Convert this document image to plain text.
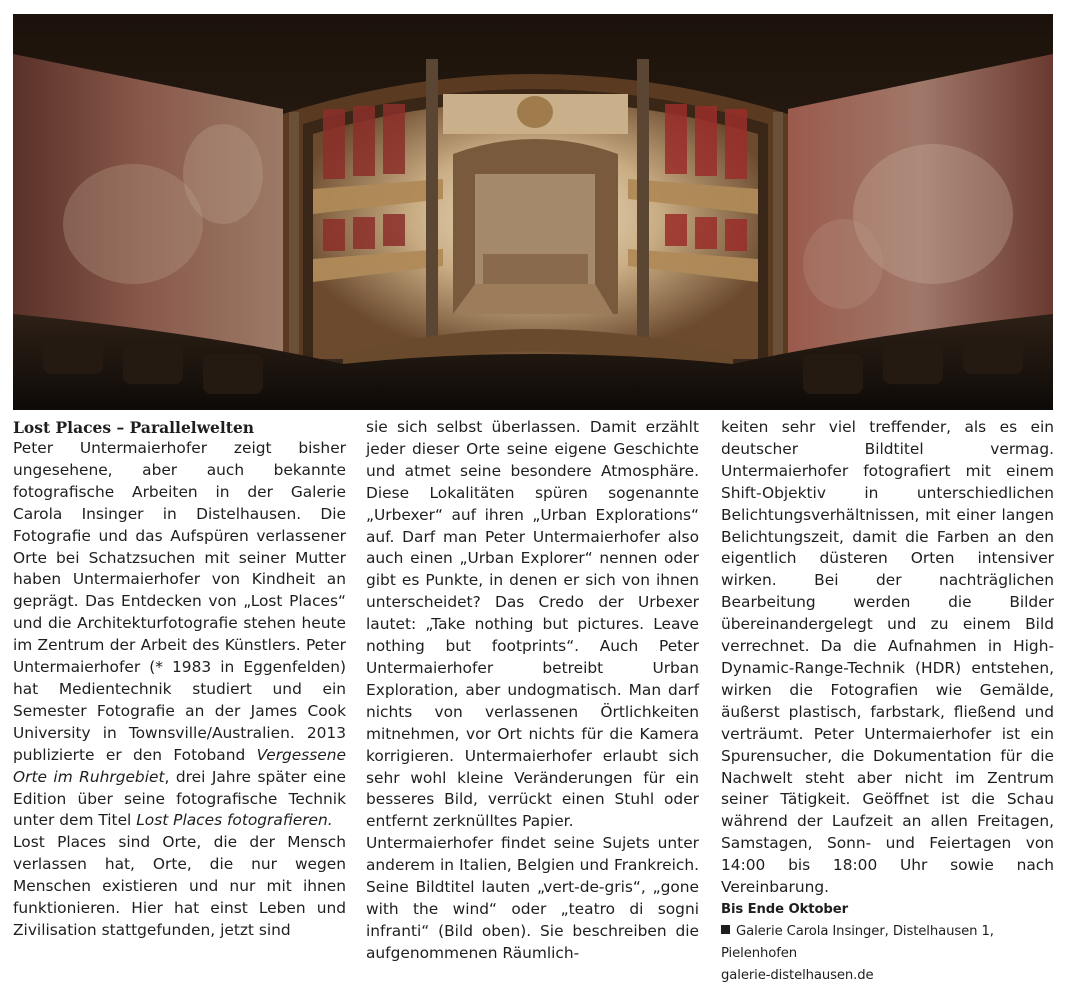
Lost Places – Parallelwelten

Peter Untermaierhofer zeigt bisher ungesehene, aber auch bekannte fotografische Arbeiten in der Galerie Carola Insinger in Distelhausen. Die Fotografie und das Aufspüren verlassener Orte bei Schatzsuchen mit seiner Mutter haben Untermaierhofer von Kindheit an geprägt. Das Entdecken von „Lost Places“ und die Architekturfotografie stehen heute im Zentrum der Arbeit des Künstlers. Peter Untermaierhofer (* 1983 in Eggenfelden) hat Medientechnik studiert und ein Semester Fotografie an der James Cook University in Townsville/Australien. 2013 publizierte er den Fotoband Vergessene Orte im Ruhrgebiet, drei Jahre später eine Edition über seine fotografische Technik unter dem Titel Lost Places fotografieren.

Lost Places sind Orte, die der Mensch verlassen hat, Orte, die nur wegen Menschen existieren und nur mit ihnen funktionieren. Hier hat einst Leben und Zivilisation stattgefunden, jetzt sind

sie sich selbst überlassen. Damit erzählt jeder dieser Orte seine eigene Geschichte und atmet seine besondere Atmosphäre. Diese Lokalitäten spüren sogenannte „Urbexer“ auf ihren „Urban Explorations“ auf. Darf man Peter Untermaierhofer also auch einen „Urban Explorer“ nennen oder gibt es Punkte, in denen er sich von ihnen unterscheidet? Das Credo der Urbexer lautet: „Take nothing but pictures. Leave nothing but footprints“. Auch Peter Untermaierhofer betreibt Urban Exploration, aber undogmatisch. Man darf nichts von verlassenen Örtlichkeiten mitnehmen, vor Ort nichts für die Kamera korrigieren. Untermaierhofer erlaubt sich sehr wohl kleine Veränderungen für ein besseres Bild, verrückt einen Stuhl oder entfernt zerknülltes Papier.

Untermaierhofer findet seine Sujets unter anderem in Italien, Belgien und Frankreich. Seine Bildtitel lauten „vert-de-gris“, „gone with the wind“ oder „teatro di sogni infranti“ (Bild oben). Sie beschreiben die aufgenommenen Räumlich-

keiten sehr viel treffender, als es ein deutscher Bildtitel vermag. Untermaierhofer fotografiert mit einem Shift-Objektiv in unterschiedlichen Belichtungsverhältnissen, mit einer langen Belichtungszeit, damit die Farben an den eigentlich düsteren Orten intensiver wirken. Bei der nachträglichen Bearbeitung werden die Bilder übereinandergelegt und zu einem Bild verrechnet. Da die Aufnahmen in High-Dynamic-Range-Technik (HDR) entstehen, wirken die Fotografien wie Gemälde, äußerst plastisch, farbstark, fließend und verträumt. Peter Untermaierhofer ist ein Spurensucher, die Dokumentation für die Nachwelt steht aber nicht im Zentrum seiner Tätigkeit. Geöffnet ist die Schau während der Laufzeit an allen Freitagen, Samstagen, Sonn- und Feiertagen von 14:00 bis 18:00 Uhr sowie nach Vereinbarung.

Bis Ende Oktober
Galerie Carola Insinger, Distelhausen 1, Pielenhofen
galerie-distelhausen.de
